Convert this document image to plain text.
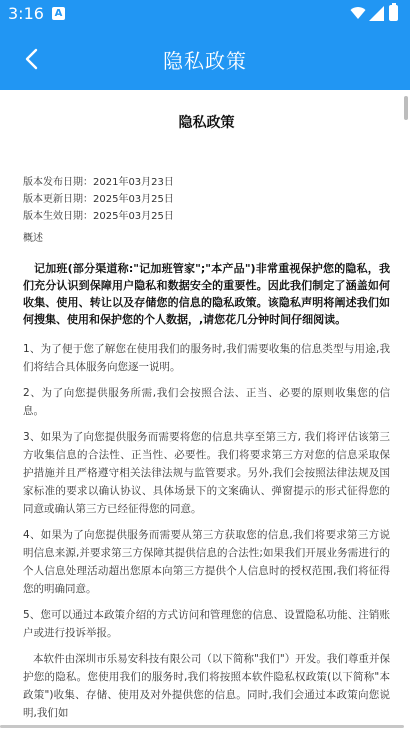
3:16 A
隐私政策
隐私政策
版本发布日期：2021年03月23日
版本更新日期：2025年03月25日
版本生效日期：2025年03月25日
概述

记加班(部分渠道称:"记加班管家";"本产品")非常重视保护您的隐私，我们充分认识到保障用户隐私和数据安全的重要性。因此我们制定了涵盖如何收集、使用、转让以及存储您的信息的隐私政策。该隐私声明将阐述我们如何搜集、使用和保护您的个人数据，,请您花几分钟时间仔细阅读。

1、为了便于您了解您在使用我们的服务时,我们需要收集的信息类型与用途,我们将结合具体服务向您逐一说明。

2、为了向您提供服务所需,我们会按照合法、正当、必要的原则收集您的信息。

3、如果为了向您提供服务而需要将您的信息共享至第三方, 我们将评估该第三方收集信息的合法性、正当性、必要性。我们将要求第三方对您的信息采取保护措施并且严格遵守相关法律法规与监管要求。另外,我们会按照法律法规及国家标准的要求以确认协议、具体场景下的文案确认、弹窗提示的形式征得您的同意或确认第三方已经征得您的同意。

4、如果为了向您提供服务而需要从第三方获取您的信息,我们将要求第三方说明信息来源,并要求第三方保障其提供信息的合法性;如果我们开展业务需进行的个人信息处理活动超出您原本向第三方提供个人信息时的授权范围,我们将征得您的明确同意。

5、您可以通过本政策介绍的方式访问和管理您的信息、设置隐私功能、注销账户或进行投诉举报。

本软件由深圳市乐易安科技有限公司（以下简称"我们"）开发。我们尊重并保护您的隐私。您使用我们的服务时,我们将按照本软件隐私权政策(以下简称"本政策")收集、存储、使用及对外提供您的信息。同时,我们会通过本政策向您说明,我们如
